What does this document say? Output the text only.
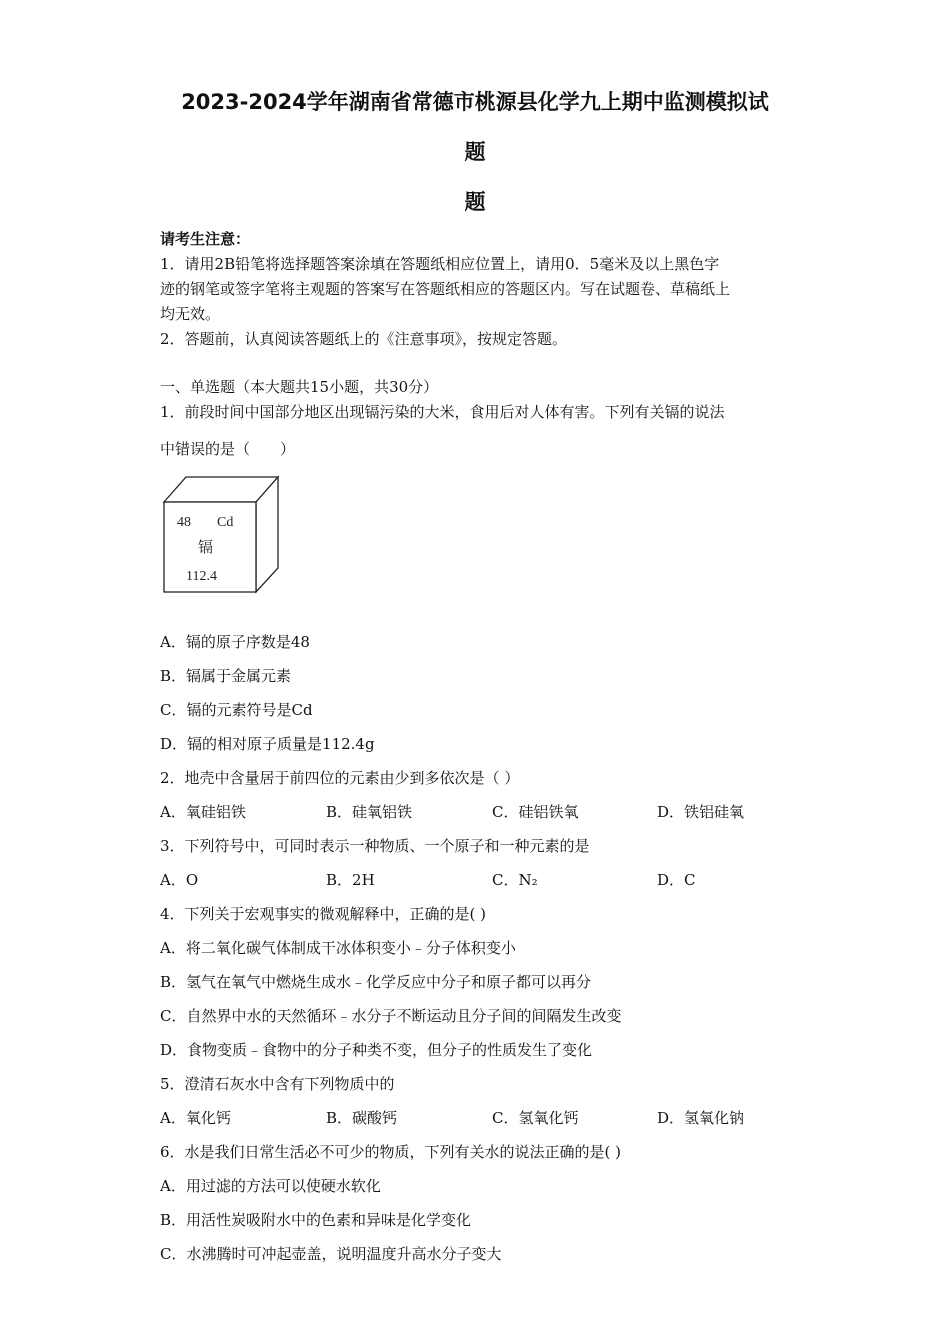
2023-2024学年湖南省常德市桃源县化学九上期中监测模拟试
题
题
请考生注意：
1．请用2B铅笔将选择题答案涂填在答题纸相应位置上，请用0．5毫米及以上黑色字
迹的钢笔或签字笔将主观题的答案写在答题纸相应的答题区内。写在试题卷、草稿纸上
均无效。
2．答题前，认真阅读答题纸上的《注意事项》，按规定答题。
一、单选题（本大题共15小题，共30分）
1．前段时间中国部分地区出现镉污染的大米，食用后对人体有害。下列有关镉的说法
中错误的是（　　）
48 Cd
镉
112.4
A．镉的原子序数是48
B．镉属于金属元素
C．镉的元素符号是Cd
D．镉的相对原子质量是112.4g
2．地壳中含量居于前四位的元素由少到多依次是（ ）
A．氧硅铝铁	B．硅氧铝铁	C．硅铝铁氧	D．铁铝硅氧
3．下列符号中，可同时表示一种物质、一个原子和一种元素的是
A．O	B．2H	C．N₂	D．C
4．下列关于宏观事实的微观解释中，正确的是( )
A．将二氧化碳气体制成干冰体积变小﹣分子体积变小
B．氢气在氧气中燃烧生成水﹣化学反应中分子和原子都可以再分
C．自然界中水的天然循环﹣水分子不断运动且分子间的间隔发生改变
D．食物变质﹣食物中的分子种类不变，但分子的性质发生了变化
5．澄清石灰水中含有下列物质中的
A．氧化钙	B．碳酸钙	C．氢氧化钙	D．氢氧化钠
6．水是我们日常生活必不可少的物质，下列有关水的说法正确的是( )
A．用过滤的方法可以使硬水软化
B．用活性炭吸附水中的色素和异味是化学变化
C．水沸腾时可冲起壶盖，说明温度升高水分子变大
